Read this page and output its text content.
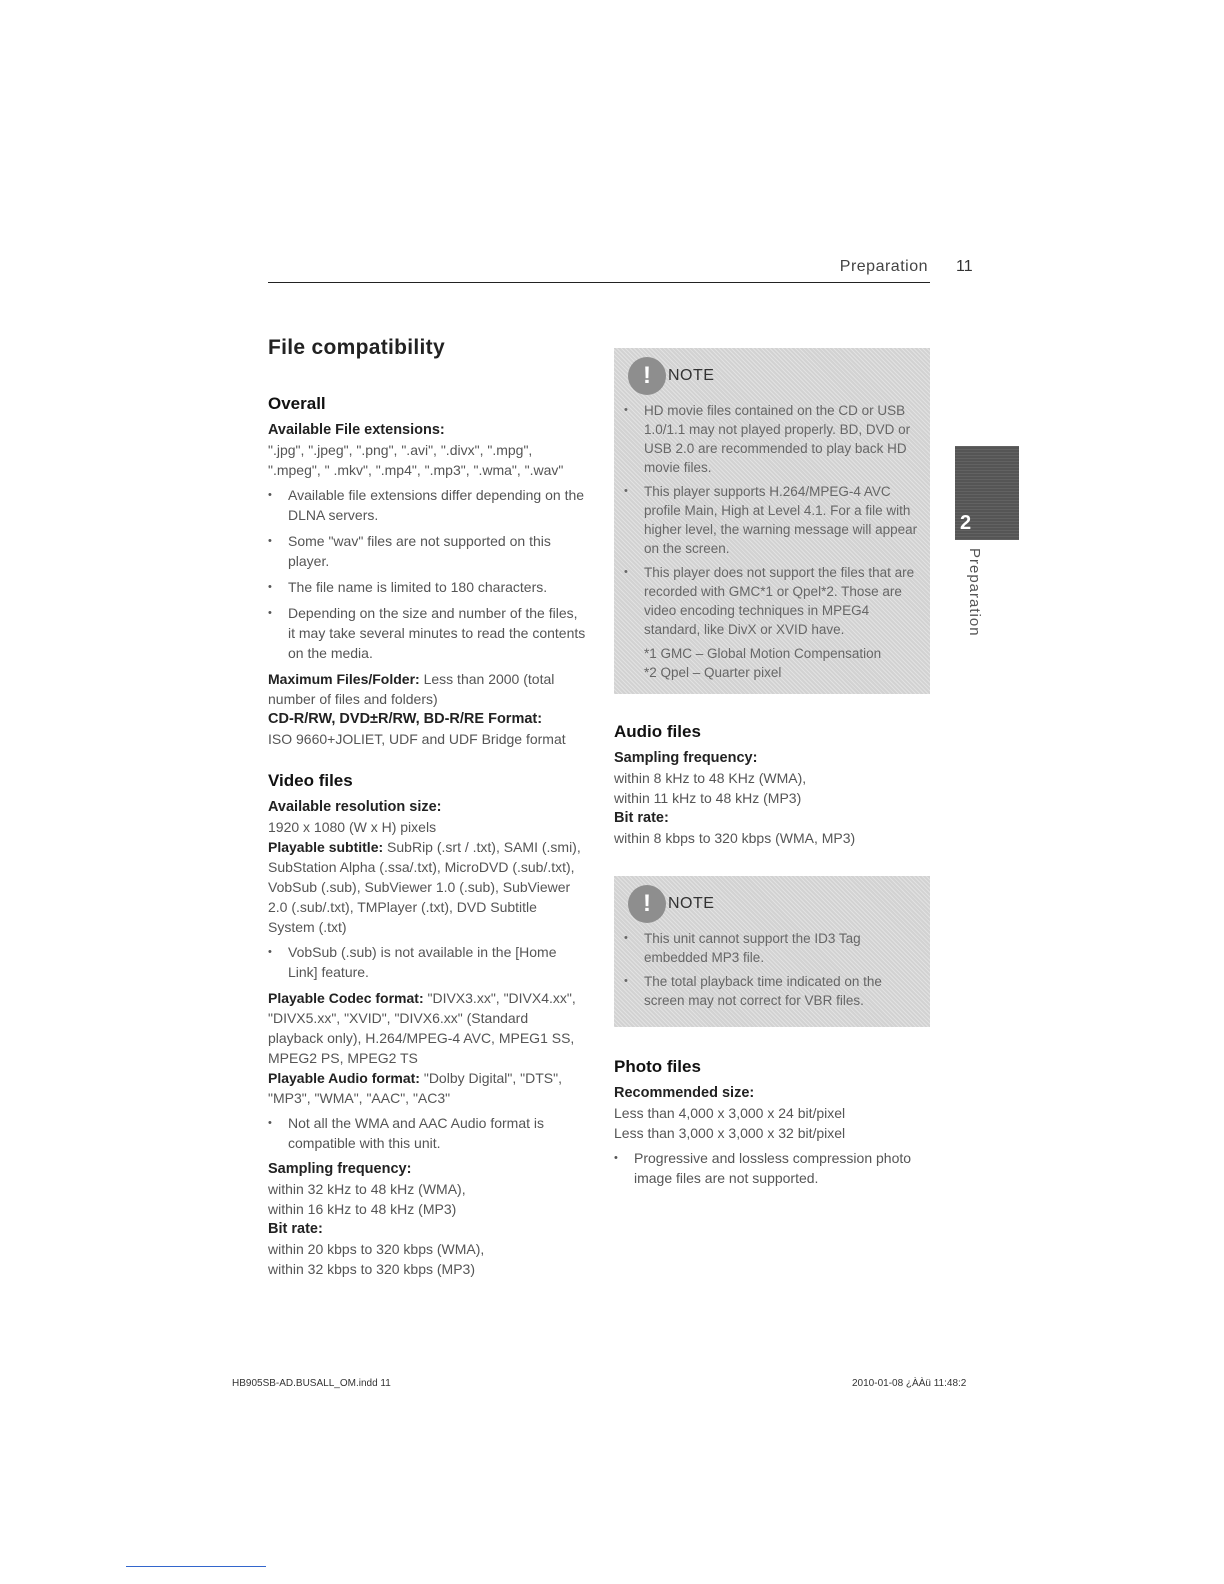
Preparation 11
2
Preparation
File compatibility
Overall

Available File extensions:

".jpg", ".jpeg", ".png", ".avi", ".divx", ".mpg", ".mpeg", " .mkv", ".mp4", ".mp3", ".wma", ".wav"

• Available file extensions differ depending on the DLNA servers.
• Some "wav" files are not supported on this player.
• The file name is limited to 180 characters.
• Depending on the size and number of the files, it may take several minutes to read the contents on the media.

Maximum Files/Folder: Less than 2000 (total number of files and folders)

CD-R/RW, DVD±R/RW, BD-R/RE Format:

ISO 9660+JOLIET, UDF and UDF Bridge format

Video files

Available resolution size:

1920 x 1080 (W x H) pixels

Playable subtitle: SubRip (.srt / .txt), SAMI (.smi), SubStation Alpha (.ssa/.txt), MicroDVD (.sub/.txt), VobSub (.sub), SubViewer 1.0 (.sub), SubViewer 2.0 (.sub/.txt), TMPlayer (.txt), DVD Subtitle System (.txt)

• VobSub (.sub) is not available in the [Home Link] feature.

Playable Codec format: "DIVX3.xx", "DIVX4.xx", "DIVX5.xx", "XVID", "DIVX6.xx" (Standard playback only), H.264/MPEG-4 AVC, MPEG1 SS, MPEG2 PS, MPEG2 TS

Playable Audio format: "Dolby Digital", "DTS", "MP3", "WMA", "AAC", "AC3"

• Not all the WMA and AAC Audio format is compatible with this unit.

Sampling frequency:

within 32 kHz to 48 kHz (WMA),

within 16 kHz to 48 kHz (MP3)

Bit rate:

within 20 kbps to 320 kbps (WMA),

within 32 kbps to 320 kbps (MP3)

!	NOTE
• HD movie files contained on the CD or USB 1.0/1.1 may not played properly. BD, DVD or USB 2.0 are recommended to play back HD movie files.
• This player supports H.264/MPEG-4 AVC profile Main, High at Level 4.1. For a file with higher level, the warning message will appear on the screen.
• This player does not support the files that are recorded with GMC*1 or Qpel*2. Those are video encoding techniques in MPEG4 standard, like DivX or XVID have.

*1 GMC – Global Motion Compensation

*2 Qpel – Quarter pixel

Audio files

Sampling frequency:

within 8 kHz to 48 KHz (WMA),

within 11 kHz to 48 kHz (MP3)

Bit rate:

within 8 kbps to 320 kbps (WMA, MP3)

!	NOTE
• This unit cannot support the ID3 Tag embedded MP3 file.
• The total playback time indicated on the screen may not correct for VBR files.
Photo files

Recommended size:

Less than 4,000 x 3,000 x 24 bit/pixel

Less than 3,000 x 3,000 x 32 bit/pixel

• Progressive and lossless compression photo image files are not supported.
HB905SB-AD.BUSALL_OM.indd 11	2010-01-08 ¿ÀÀü 11:48:2
